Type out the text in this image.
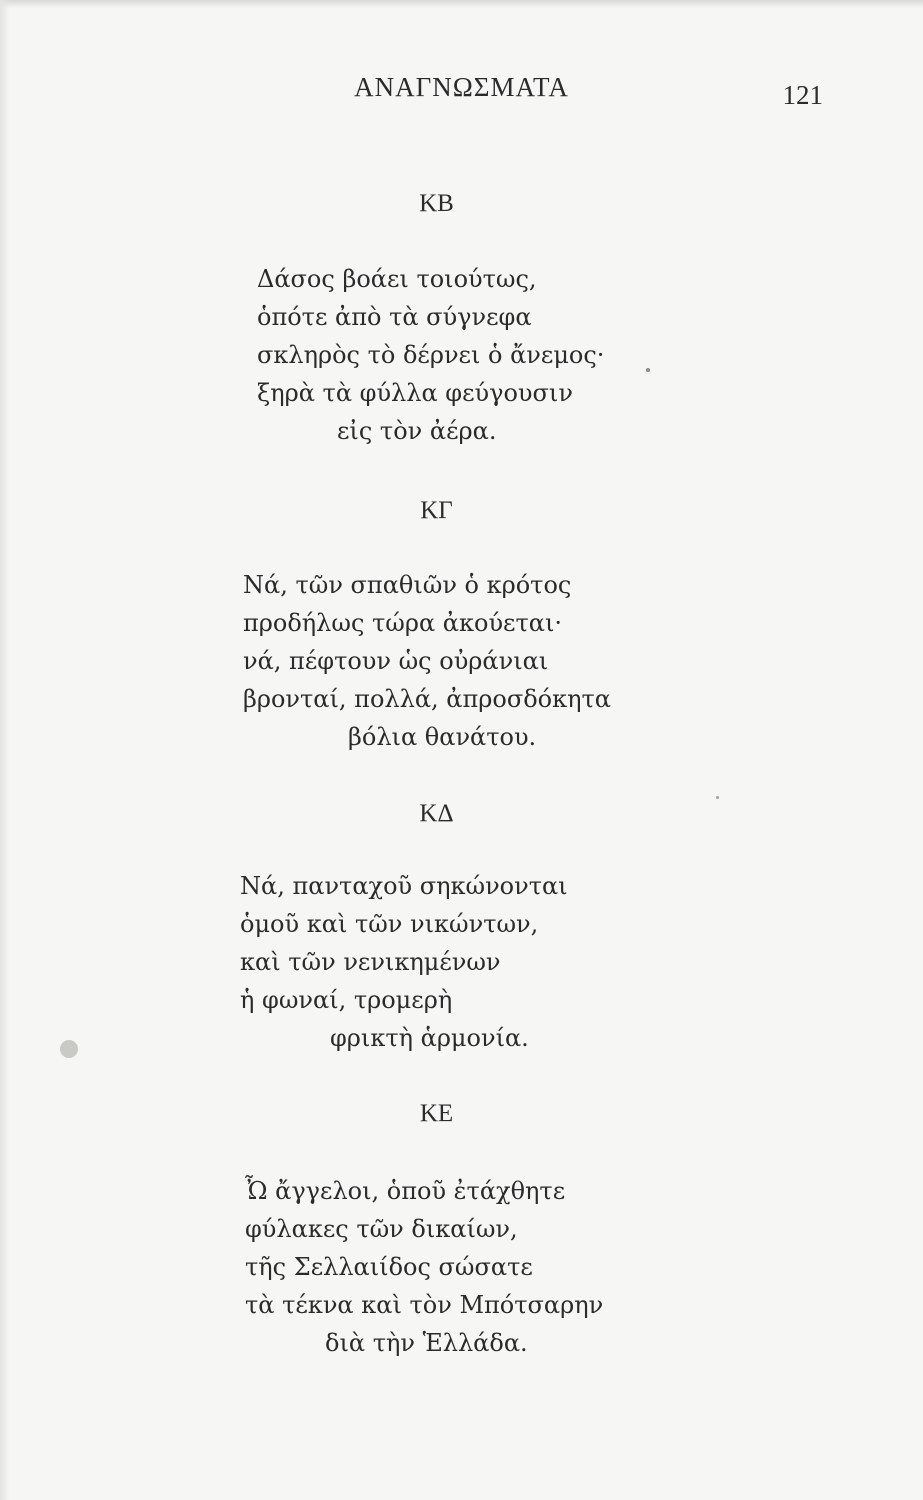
ΑΝΑΓΝΩΣΜΑΤΑ	121
ΚΒ
Δάσος βοάει τοιούτως,
ὁπότε ἀπὸ τὰ σύγνεφα
σκληρὸς τὸ δέρνει ὁ ἄνεμος·
ξηρὰ τὰ φύλλα φεύγουσιν
εἰς τὸν ἀέρα.
ΚΓ
Νά, τῶν σπαθιῶν ὁ κρότος
προδήλως τώρα ἀκούεται·
νά, πέφτουν ὡς οὐράνιαι
βρονταί, πολλά, ἀπροσδόκητα
βόλια θανάτου.
ΚΔ
Νά, πανταχοῦ σηκώνονται
ὁμοῦ καὶ τῶν νικώντων,
καὶ τῶν νενικημένων
ἡ φωναί, τρομερὴ
φρικτὴ ἁρμονία.
ΚΕ
Ὦ ἄγγελοι, ὁποῦ ἐτάχθητε
φύλακες τῶν δικαίων,
τῆς Σελλαιίδος σώσατε
τὰ τέκνα καὶ τὸν Μπότσαρην
διὰ τὴν Ἑλλάδα.
